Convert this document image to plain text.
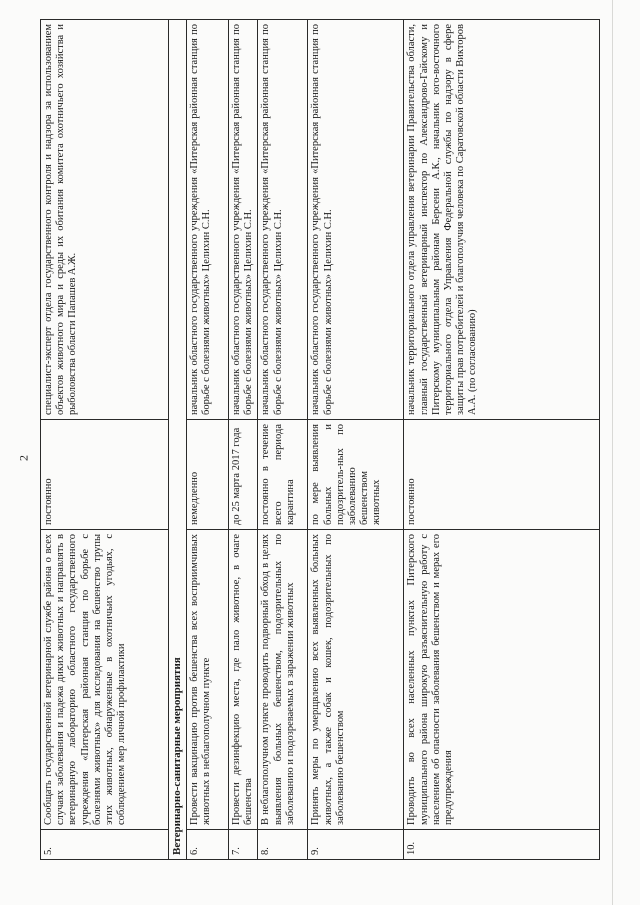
2
5.	Сообщать государственной ветеринарной службе района о всех случаях заболевания и падежа диких животных и направлять в ветеринарную лабораторию областного государственного учреждения «Питерская районная станция по борьбе с болезнями животных» для исследования на бешенство трупы этих животных, обнаруженные в охотничьих угодьях, с соблюдением мер личной профилактики	постоянно	специалист-эксперт отдела государственного контроля и надзора за использованием объектов животного мира и среды их обитания комитета охотничьего хозяйства и рыболовства области Папашев А.Ж.
Ветеринарно-санитарные мероприятия			
6.	Провести вакцинацию против бешенства всех восприимчивых животных в неблагополучном пункте	немедленно	начальник областного государственного учреждения «Питерская районная станция по борьбе с болезнями животных» Целихин С.Н.
7.	Провести дезинфекцию места, где пало животное, в очаге бешенства	до 25 марта 2017 года	начальник областного государственного учреждения «Питерская районная станция по борьбе с болезнями животных» Целихин С.Н.
8.	В неблагополучном пункте проводить подворный обход в целях выявления больных бешенством, подозрительных по заболеванию и подозреваемых в заражении животных	постоянно в течение всего периода карантина	начальник областного государственного учреждения «Питерская районная станция по борьбе с болезнями животных» Целихин С.Н.
9.	Принять меры по умерщвлению всех выявленных больных животных, а также собак и кошек, подозрительных по заболеванию бешенством	по мере выявления больных и подозритель-ных по заболеванию бешенством животных	начальник областного государственного учреждения «Питерская районная станция по борьбе с болезнями животных» Целихин С.Н.
10.	Проводить во всех населенных пунктах Питерского муниципального района широкую разъяснительную работу с населением об опасности заболевания бешенством и мерах его предупреждения	постоянно	начальник территориального отдела управления ветеринарии Правительства области, главный государственный ветеринарный инспектор по Александрово-Гайскому и Питерскому муниципальным районам Берсени А.К., начальник юго-восточного территориального отдела Управления Федеральной службы по надзору в сфере защиты прав потребителей и благополучия человека по Саратовской области Викторов А.А. (по согласованию)
